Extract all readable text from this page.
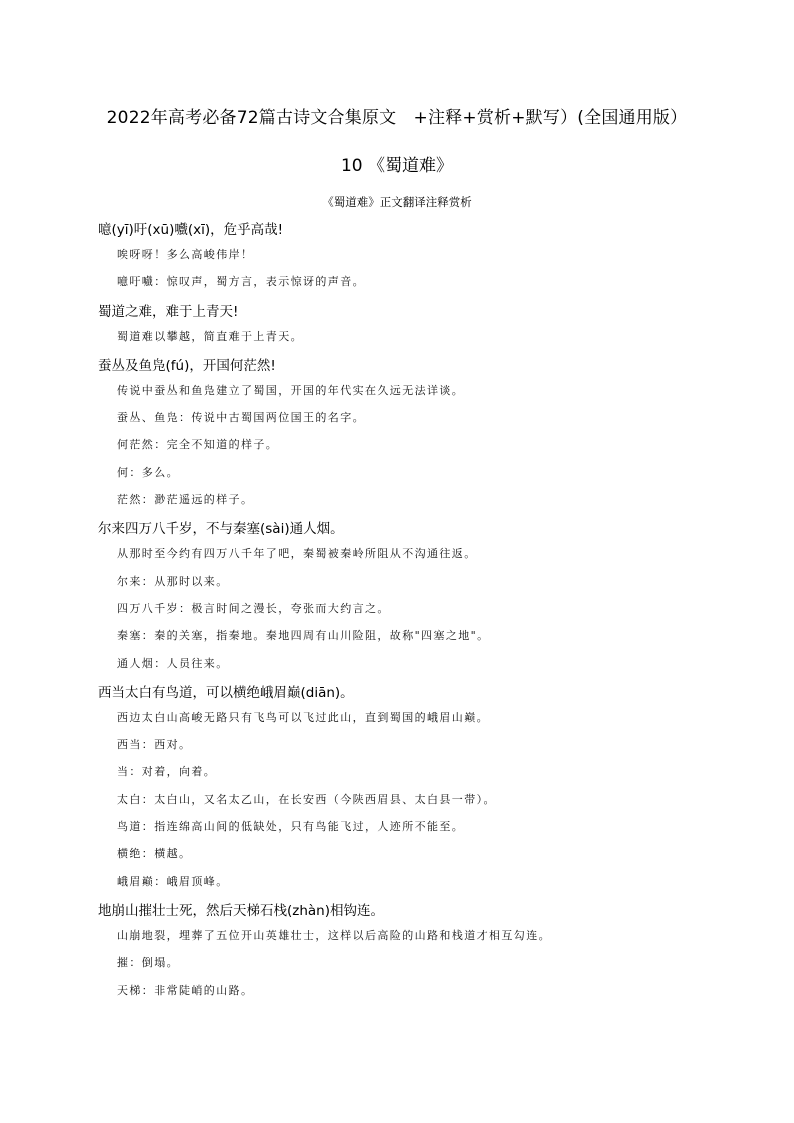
2022年高考必备72篇古诗文合集原文　+注释+赏析+默写）(全国通用版）
10 《蜀道难》
《蜀道难》正文翻译注释赏析
噫(yī)吁(xū)嚱(xī)，危乎高哉!
唉呀呀！多么高峻伟岸！
噫吁嚱：惊叹声，蜀方言，表示惊讶的声音。
蜀道之难，难于上青天!
蜀道难以攀越，简直难于上青天。
蚕丛及鱼凫(fú)，开国何茫然!
传说中蚕丛和鱼凫建立了蜀国，开国的年代实在久远无法详谈。
蚕丛、鱼凫：传说中古蜀国两位国王的名字。
何茫然：完全不知道的样子。
何：多么。
茫然：渺茫遥远的样子。
尔来四万八千岁，不与秦塞(sài)通人烟。
从那时至今约有四万八千年了吧，秦蜀被秦岭所阻从不沟通往返。
尔来：从那时以来。
四万八千岁：极言时间之漫长，夸张而大约言之。
秦塞：秦的关塞，指秦地。秦地四周有山川险阻，故称"四塞之地"。
通人烟：人员往来。
西当太白有鸟道，可以横绝峨眉巅(diān)。
西边太白山高峻无路只有飞鸟可以飞过此山，直到蜀国的峨眉山巅。
西当：西对。
当：对着，向着。
太白：太白山，又名太乙山，在长安西（今陕西眉县、太白县一带）。
鸟道：指连绵高山间的低缺处，只有鸟能飞过，人迹所不能至。
横绝：横越。
峨眉巅：峨眉顶峰。
地崩山摧壮士死，然后天梯石栈(zhàn)相钩连。
山崩地裂，埋葬了五位开山英雄壮士，这样以后高险的山路和栈道才相互勾连。
摧：倒塌。
天梯：非常陡峭的山路。
